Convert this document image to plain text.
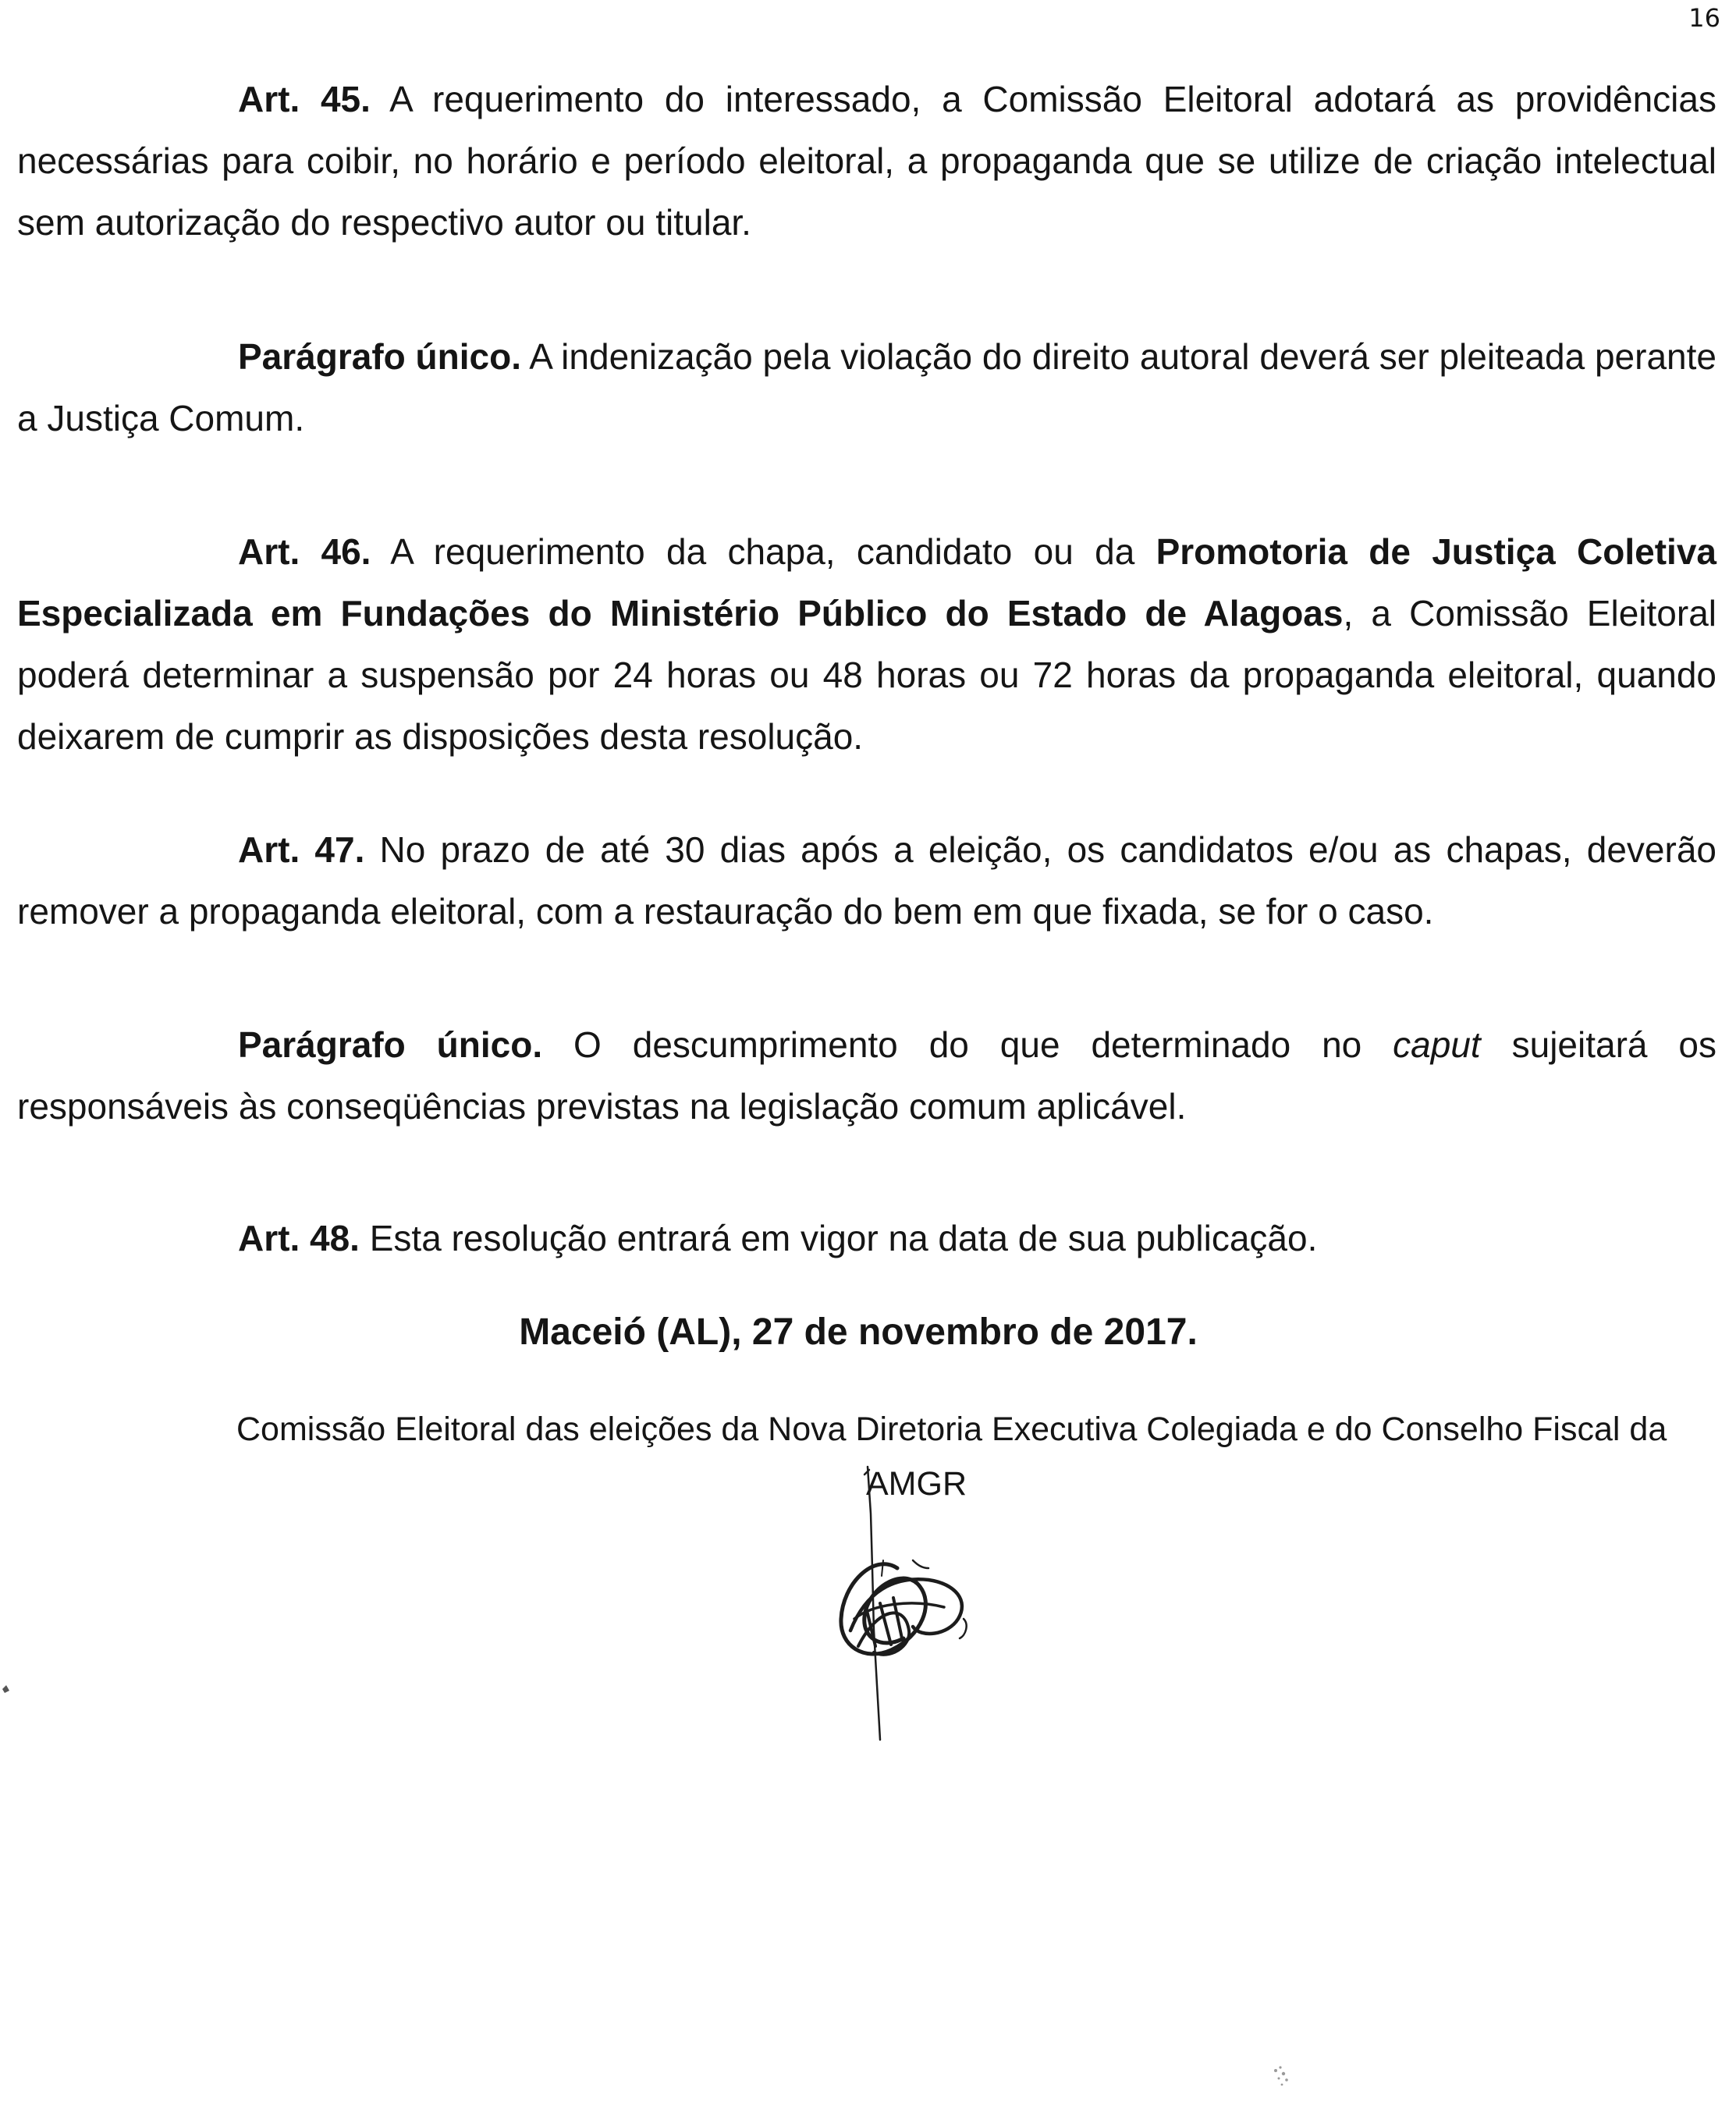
16

Art. 45. A requerimento do interessado, a Comissão Eleitoral adotará as providências necessárias para coibir, no horário e período eleitoral, a propaganda que se utilize de criação intelectual sem autorização do respectivo autor ou titular.

Parágrafo único. A indenização pela violação do direito autoral deverá ser pleiteada perante a Justiça Comum.

Art. 46. A requerimento da chapa, candidato ou da Promotoria de Justiça Coletiva Especializada em Fundações do Ministério Público do Estado de Alagoas, a Comissão Eleitoral poderá determinar a suspensão por 24 horas ou 48 horas ou 72 horas da propaganda eleitoral, quando deixarem de cumprir as disposições desta resolução.

Art. 47. No prazo de até 30 dias após a eleição, os candidatos e/ou as chapas, deverão remover a propaganda eleitoral, com a restauração do bem em que fixada, se for o caso.

Parágrafo único. O descumprimento do que determinado no caput sujeitará os responsáveis às conseqüências previstas na legislação comum aplicável.

Art. 48. Esta resolução entrará em vigor na data de sua publicação.

Maceió (AL), 27 de novembro de 2017.

Comissão Eleitoral das eleições da Nova Diretoria Executiva Colegiada e do Conselho Fiscal da

AMGR
